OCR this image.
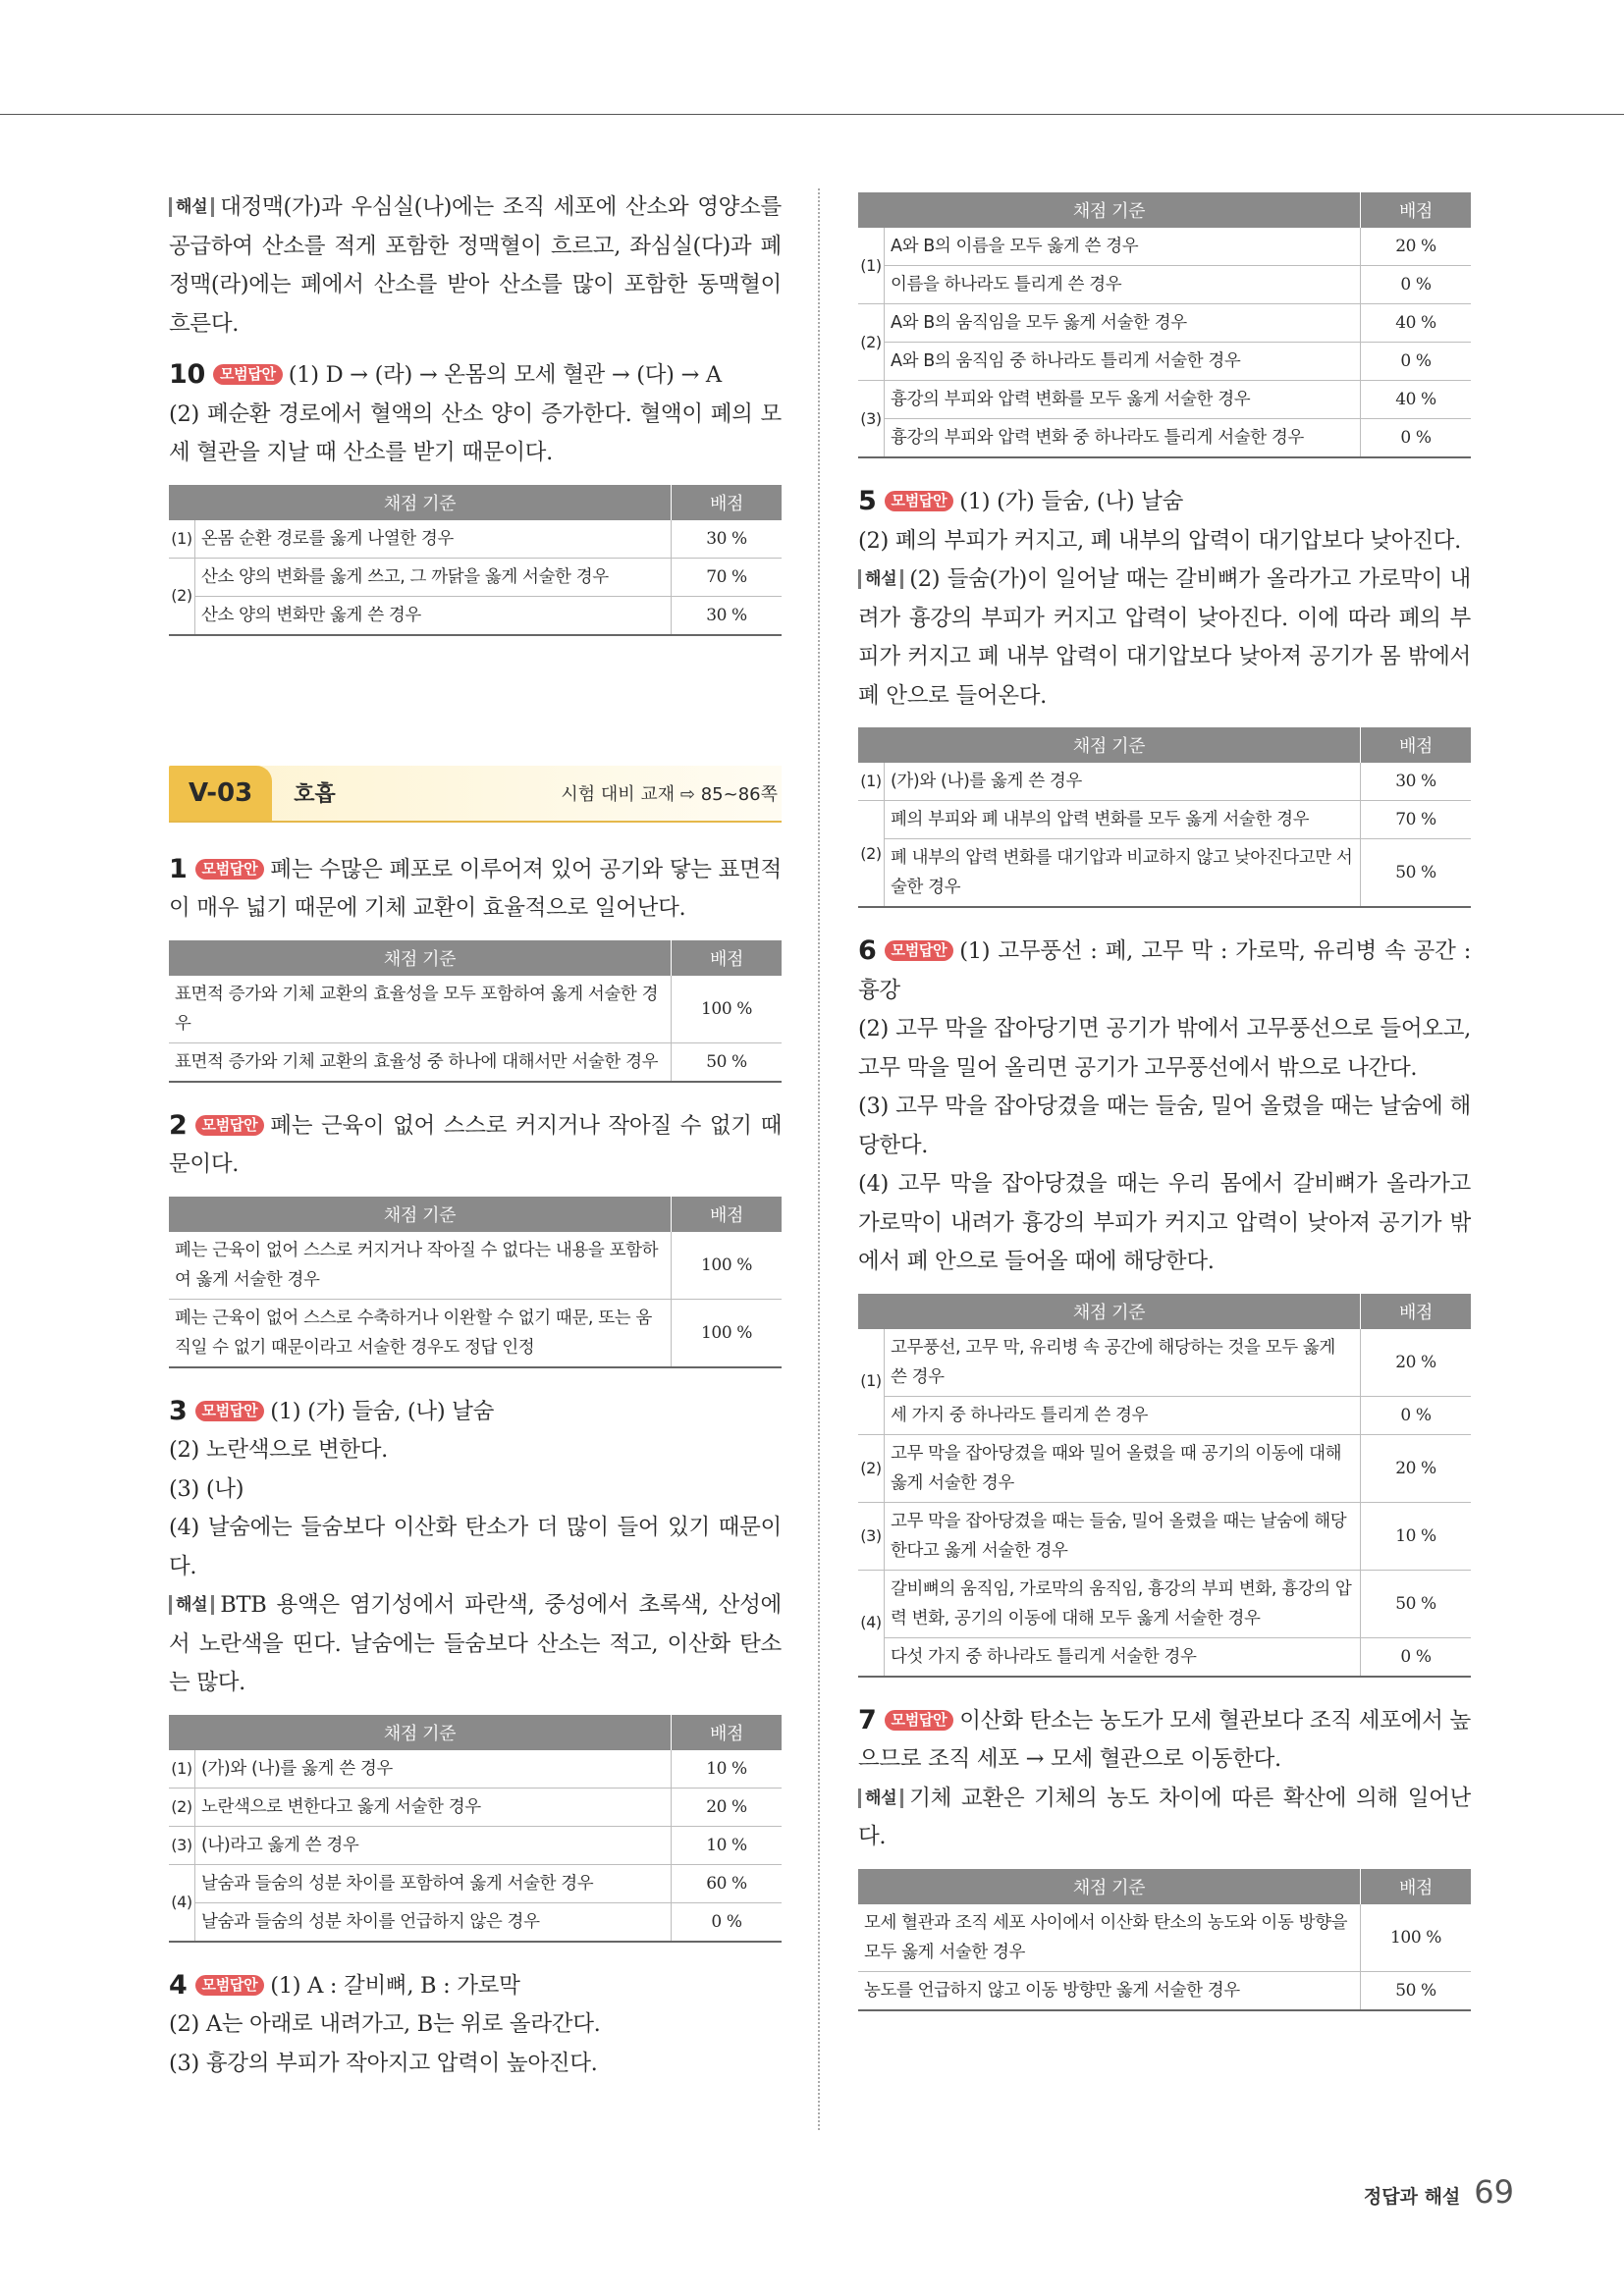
해설 대정맥(가)과 우심실(나)에는 조직 세포에 산소와 영양소를 공급하여 산소를 적게 포함한 정맥혈이 흐르고, 좌심실(다)과 폐정맥(라)에는 폐에서 산소를 받아 산소를 많이 포함한 동맥혈이 흐른다.

10 모범답안 (1) D → (라) → 온몸의 모세 혈관 → (다) → A

(2) 폐순환 경로에서 혈액의 산소 양이 증가한다. 혈액이 폐의 모세 혈관을 지날 때 산소를 받기 때문이다.

채점 기준		배점
(1)	온몸 순환 경로를 옳게 나열한 경우	30 %
(2)	산소 양의 변화를 옳게 쓰고, 그 까닭을 옳게 서술한 경우	70 %
	산소 양의 변화만 옳게 쓴 경우	30 %
V-03	호흡	시험 대비 교재 ⇨ 85~86쪽

1 모범답안 폐는 수많은 폐포로 이루어져 있어 공기와 닿는 표면적이 매우 넓기 때문에 기체 교환이 효율적으로 일어난다.

채점 기준	배점
표면적 증가와 기체 교환의 효율성을 모두 포함하여 옳게 서술한 경우	100 %
표면적 증가와 기체 교환의 효율성 중 하나에 대해서만 서술한 경우	50 %

2 모범답안 폐는 근육이 없어 스스로 커지거나 작아질 수 없기 때문이다.

채점 기준	배점
폐는 근육이 없어 스스로 커지거나 작아질 수 없다는 내용을 포함하여 옳게 서술한 경우	100 %
폐는 근육이 없어 스스로 수축하거나 이완할 수 없기 때문, 또는 움직일 수 없기 때문이라고 서술한 경우도 정답 인정	100 %

3 모범답안 (1) (가) 들숨, (나) 날숨

(2) 노란색으로 변한다.

(3) (나)

(4) 날숨에는 들숨보다 이산화 탄소가 더 많이 들어 있기 때문이다.

해설 BTB 용액은 염기성에서 파란색, 중성에서 초록색, 산성에서 노란색을 띤다. 날숨에는 들숨보다 산소는 적고, 이산화 탄소는 많다.

채점 기준		배점
(1)	(가)와 (나)를 옳게 쓴 경우	10 %
(2)	노란색으로 변한다고 옳게 서술한 경우	20 %
(3)	(나)라고 옳게 쓴 경우	10 %
(4)	날숨과 들숨의 성분 차이를 포함하여 옳게 서술한 경우	60 %
	날숨과 들숨의 성분 차이를 언급하지 않은 경우	0 %

4 모범답안 (1) A : 갈비뼈, B : 가로막

(2) A는 아래로 내려가고, B는 위로 올라간다.

(3) 흉강의 부피가 작아지고 압력이 높아진다.

채점 기준		배점
(1)	A와 B의 이름을 모두 옳게 쓴 경우	20 %
	이름을 하나라도 틀리게 쓴 경우	0 %
(2)	A와 B의 움직임을 모두 옳게 서술한 경우	40 %
	A와 B의 움직임 중 하나라도 틀리게 서술한 경우	0 %
(3)	흉강의 부피와 압력 변화를 모두 옳게 서술한 경우	40 %
	흉강의 부피와 압력 변화 중 하나라도 틀리게 서술한 경우	0 %

5 모범답안 (1) (가) 들숨, (나) 날숨

(2) 폐의 부피가 커지고, 폐 내부의 압력이 대기압보다 낮아진다.

해설 (2) 들숨(가)이 일어날 때는 갈비뼈가 올라가고 가로막이 내려가 흉강의 부피가 커지고 압력이 낮아진다. 이에 따라 폐의 부피가 커지고 폐 내부 압력이 대기압보다 낮아져 공기가 몸 밖에서 폐 안으로 들어온다.

채점 기준		배점
(1)	(가)와 (나)를 옳게 쓴 경우	30 %
(2)	폐의 부피와 폐 내부의 압력 변화를 모두 옳게 서술한 경우	70 %
	폐 내부의 압력 변화를 대기압과 비교하지 않고 낮아진다고만 서술한 경우	50 %

6 모범답안 (1) 고무풍선 : 폐, 고무 막 : 가로막, 유리병 속 공간 : 흉강

(2) 고무 막을 잡아당기면 공기가 밖에서 고무풍선으로 들어오고, 고무 막을 밀어 올리면 공기가 고무풍선에서 밖으로 나간다.

(3) 고무 막을 잡아당겼을 때는 들숨, 밀어 올렸을 때는 날숨에 해당한다.

(4) 고무 막을 잡아당겼을 때는 우리 몸에서 갈비뼈가 올라가고 가로막이 내려가 흉강의 부피가 커지고 압력이 낮아져 공기가 밖에서 폐 안으로 들어올 때에 해당한다.

채점 기준		배점
(1)	고무풍선, 고무 막, 유리병 속 공간에 해당하는 것을 모두 옳게 쓴 경우	20 %
	세 가지 중 하나라도 틀리게 쓴 경우	0 %
(2)	고무 막을 잡아당겼을 때와 밀어 올렸을 때 공기의 이동에 대해 옳게 서술한 경우	20 %
(3)	고무 막을 잡아당겼을 때는 들숨, 밀어 올렸을 때는 날숨에 해당한다고 옳게 서술한 경우	10 %
(4)	갈비뼈의 움직임, 가로막의 움직임, 흉강의 부피 변화, 흉강의 압력 변화, 공기의 이동에 대해 모두 옳게 서술한 경우	50 %
	다섯 가지 중 하나라도 틀리게 서술한 경우	0 %

7 모범답안 이산화 탄소는 농도가 모세 혈관보다 조직 세포에서 높으므로 조직 세포 → 모세 혈관으로 이동한다.

해설 기체 교환은 기체의 농도 차이에 따른 확산에 의해 일어난다.

채점 기준	배점
모세 혈관과 조직 세포 사이에서 이산화 탄소의 농도와 이동 방향을 모두 옳게 서술한 경우	100 %
농도를 언급하지 않고 이동 방향만 옳게 서술한 경우	50 %
정답과 해설 69
